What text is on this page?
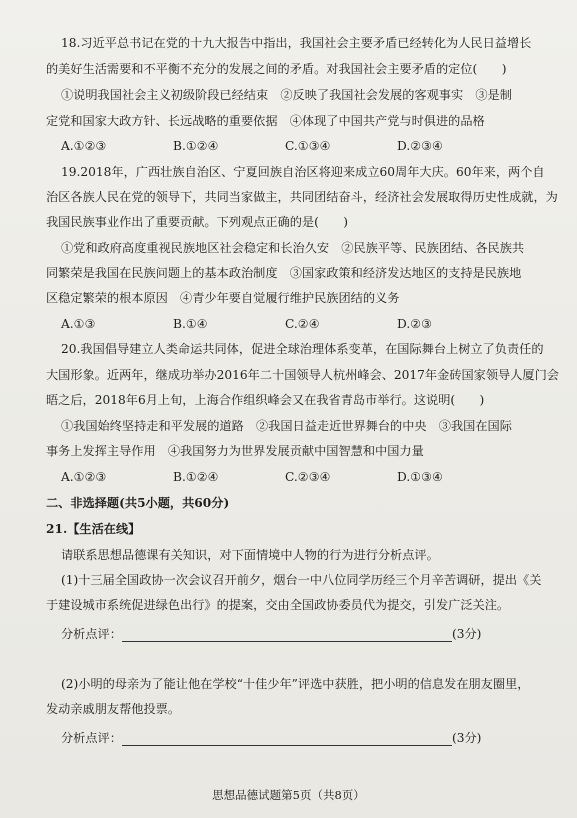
18.习近平总书记在党的十九大报告中指出，我国社会主要矛盾已经转化为人民日益增长
的美好生活需要和不平衡不充分的发展之间的矛盾。对我国社会主要矛盾的定位(　　)
①说明我国社会主义初级阶段已经结束　②反映了我国社会发展的客观事实　③是制
定党和国家大政方针、长远战略的重要依据　④体现了中国共产党与时俱进的品格
A.①②③	B.①②④	C.①③④	D.②③④
19.2018年，广西壮族自治区、宁夏回族自治区将迎来成立60周年大庆。60年来，两个自
治区各族人民在党的领导下，共同当家做主，共同团结奋斗，经济社会发展取得历史性成就，为
我国民族事业作出了重要贡献。下列观点正确的是(　　)
①党和政府高度重视民族地区社会稳定和长治久安　②民族平等、民族团结、各民族共
同繁荣是我国在民族问题上的基本政治制度　③国家政策和经济发达地区的支持是民族地
区稳定繁荣的根本原因　④青少年要自觉履行维护民族团结的义务
A.①③	B.①④	C.②④	D.②③
20.我国倡导建立人类命运共同体，促进全球治理体系变革，在国际舞台上树立了负责任的
大国形象。近两年，继成功举办2016年二十国领导人杭州峰会、2017年金砖国家领导人厦门会
晤之后，2018年6月上旬，上海合作组织峰会又在我省青岛市举行。这说明(　　)
①我国始终坚持走和平发展的道路　②我国日益走近世界舞台的中央　③我国在国际
事务上发挥主导作用　④我国努力为世界发展贡献中国智慧和中国力量
A.①②③	B.①②④	C.②③④	D.①③④
二、非选择题(共5小题，共60分)
21.【生活在线】
请联系思想品德课有关知识，对下面情境中人物的行为进行分析点评。
(1)十三届全国政协一次会议召开前夕，烟台一中八位同学历经三个月辛苦调研，提出《关
于建设城市系统促进绿色出行》的提案，交由全国政协委员代为提交，引发广泛关注。
分析点评：	(3分)
(2)小明的母亲为了能让他在学校“十佳少年”评选中获胜，把小明的信息发在朋友圈里，
发动亲戚朋友帮他投票。
分析点评：	(3分)
思想品德试题第5页（共8页）
